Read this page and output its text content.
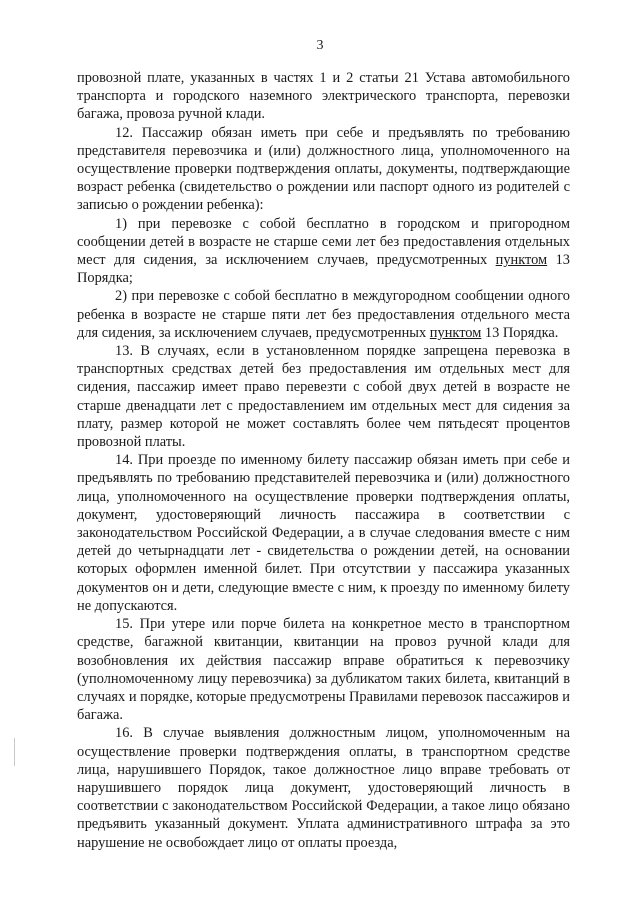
3

провозной плате, указанных в частях 1 и 2 статьи 21 Устава автомобильного транспорта и городского наземного электрического транспорта, перевозки багажа, провоза ручной клади.

12. Пассажир обязан иметь при себе и предъявлять по требованию представителя перевозчика и (или) должностного лица, уполномоченного на осуществление проверки подтверждения оплаты, документы, подтверждающие возраст ребенка (свидетельство о рождении или паспорт одного из родителей с записью о рождении ребенка):

1) при перевозке с собой бесплатно в городском и пригородном сообщении детей в возрасте не старше семи лет без предоставления отдельных мест для сидения, за исключением случаев, предусмотренных пунктом 13 Порядка;

2) при перевозке с собой бесплатно в междугородном сообщении одного ребенка в возрасте не старше пяти лет без предоставления отдельного места для сидения, за исключением случаев, предусмотренных пунктом 13 Порядка.

13. В случаях, если в установленном порядке запрещена перевозка в транспортных средствах детей без предоставления им отдельных мест для сидения, пассажир имеет право перевезти с собой двух детей в возрасте не старше двенадцати лет с предоставлением им отдельных мест для сидения за плату, размер которой не может составлять более чем пятьдесят процентов провозной платы.

14. При проезде по именному билету пассажир обязан иметь при себе и предъявлять по требованию представителей перевозчика и (или) должностного лица, уполномоченного на осуществление проверки подтверждения оплаты, документ, удостоверяющий личность пассажира в соответствии с законодательством Российской Федерации, а в случае следования вместе с ним детей до четырнадцати лет - свидетельства о рождении детей, на основании которых оформлен именной билет. При отсутствии у пассажира указанных документов он и дети, следующие вместе с ним, к проезду по именному билету не допускаются.

15. При утере или порче билета на конкретное место в транспортном средстве, багажной квитанции, квитанции на провоз ручной клади для возобновления их действия пассажир вправе обратиться к перевозчику (уполномоченному лицу перевозчика) за дубликатом таких билета, квитанций в случаях и порядке, которые предусмотрены Правилами перевозок пассажиров и багажа.

16. В случае выявления должностным лицом, уполномоченным на осуществление проверки подтверждения оплаты, в транспортном средстве лица, нарушившего Порядок, такое должностное лицо вправе требовать от нарушившего порядок лица документ, удостоверяющий личность в соответствии с законодательством Российской Федерации, а такое лицо обязано предъявить указанный документ. Уплата административного штрафа за это нарушение не освобождает лицо от оплаты проезда,
